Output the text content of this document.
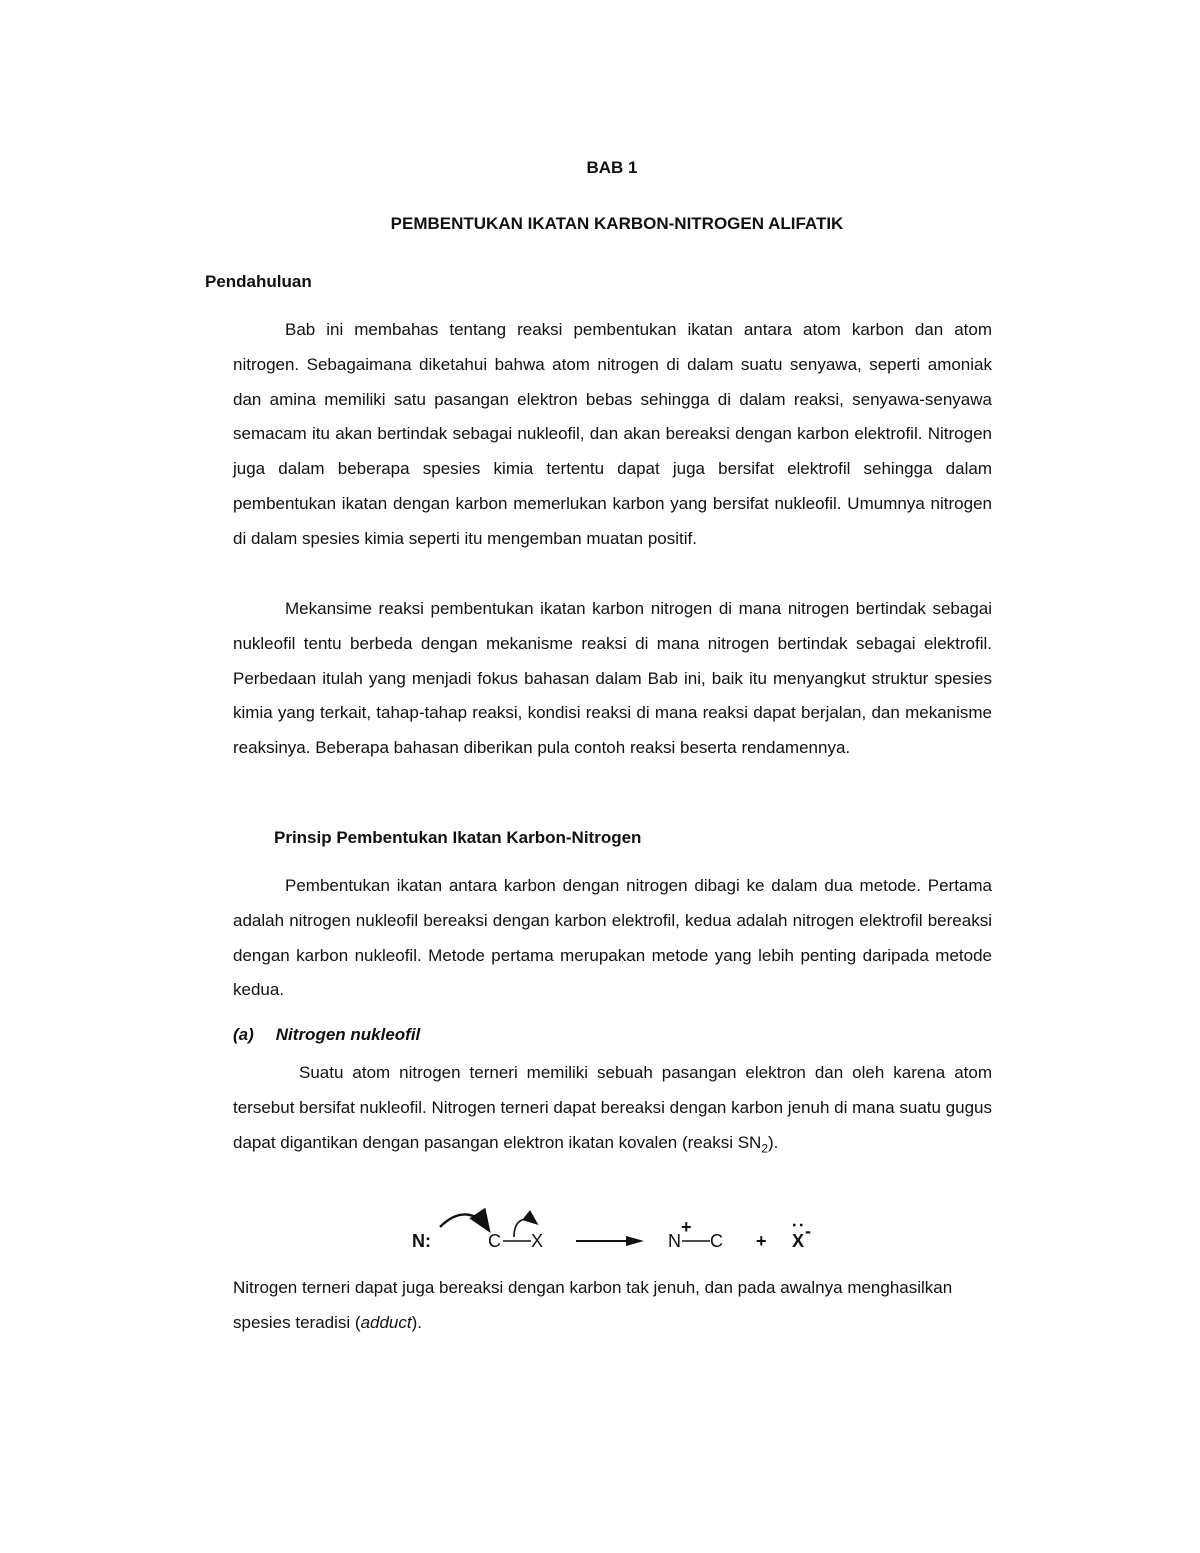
BAB 1
PEMBENTUKAN IKATAN KARBON-NITROGEN ALIFATIK
Pendahuluan

Bab ini membahas tentang reaksi pembentukan ikatan antara atom karbon dan atom nitrogen. Sebagaimana diketahui bahwa atom nitrogen di dalam suatu senyawa, seperti amoniak dan amina memiliki satu pasangan elektron bebas sehingga di dalam reaksi, senyawa-senyawa semacam itu akan bertindak sebagai nukleofil, dan akan bereaksi dengan karbon elektrofil. Nitrogen juga dalam beberapa spesies kimia tertentu dapat juga bersifat elektrofil sehingga dalam pembentukan ikatan dengan karbon memerlukan karbon yang bersifat nukleofil. Umumnya nitrogen di dalam spesies kimia seperti itu mengemban muatan positif.

Mekansime reaksi pembentukan ikatan karbon nitrogen di mana nitrogen bertindak sebagai nukleofil tentu berbeda dengan mekanisme reaksi di mana nitrogen bertindak sebagai elektrofil. Perbedaan itulah yang menjadi fokus bahasan dalam Bab ini, baik itu menyangkut struktur spesies kimia yang terkait, tahap-tahap reaksi, kondisi reaksi di mana reaksi dapat berjalan, dan mekanisme reaksinya. Beberapa bahasan diberikan pula contoh reaksi beserta rendamennya.

Prinsip Pembentukan Ikatan Karbon-Nitrogen

Pembentukan ikatan antara karbon dengan nitrogen dibagi ke dalam dua metode. Pertama adalah nitrogen nukleofil bereaksi dengan karbon elektrofil, kedua adalah nitrogen elektrofil bereaksi dengan karbon nukleofil. Metode pertama merupakan metode yang lebih penting daripada metode kedua.

(a) Nitrogen nukleofil

Suatu atom nitrogen terneri memiliki sebuah pasangan elektron dan oleh karena atom tersebut bersifat nukleofil. Nitrogen terneri dapat bereaksi dengan karbon jenuh di mana suatu gugus dapat digantikan dengan pasangan elektron ikatan kovalen (reaksi $SN_2$).

N:	C X	N
+
C +
:
X -

Nitrogen terneri dapat juga bereaksi dengan karbon tak jenuh, dan pada awalnya menghasilkan spesies teradisi (adduct).
